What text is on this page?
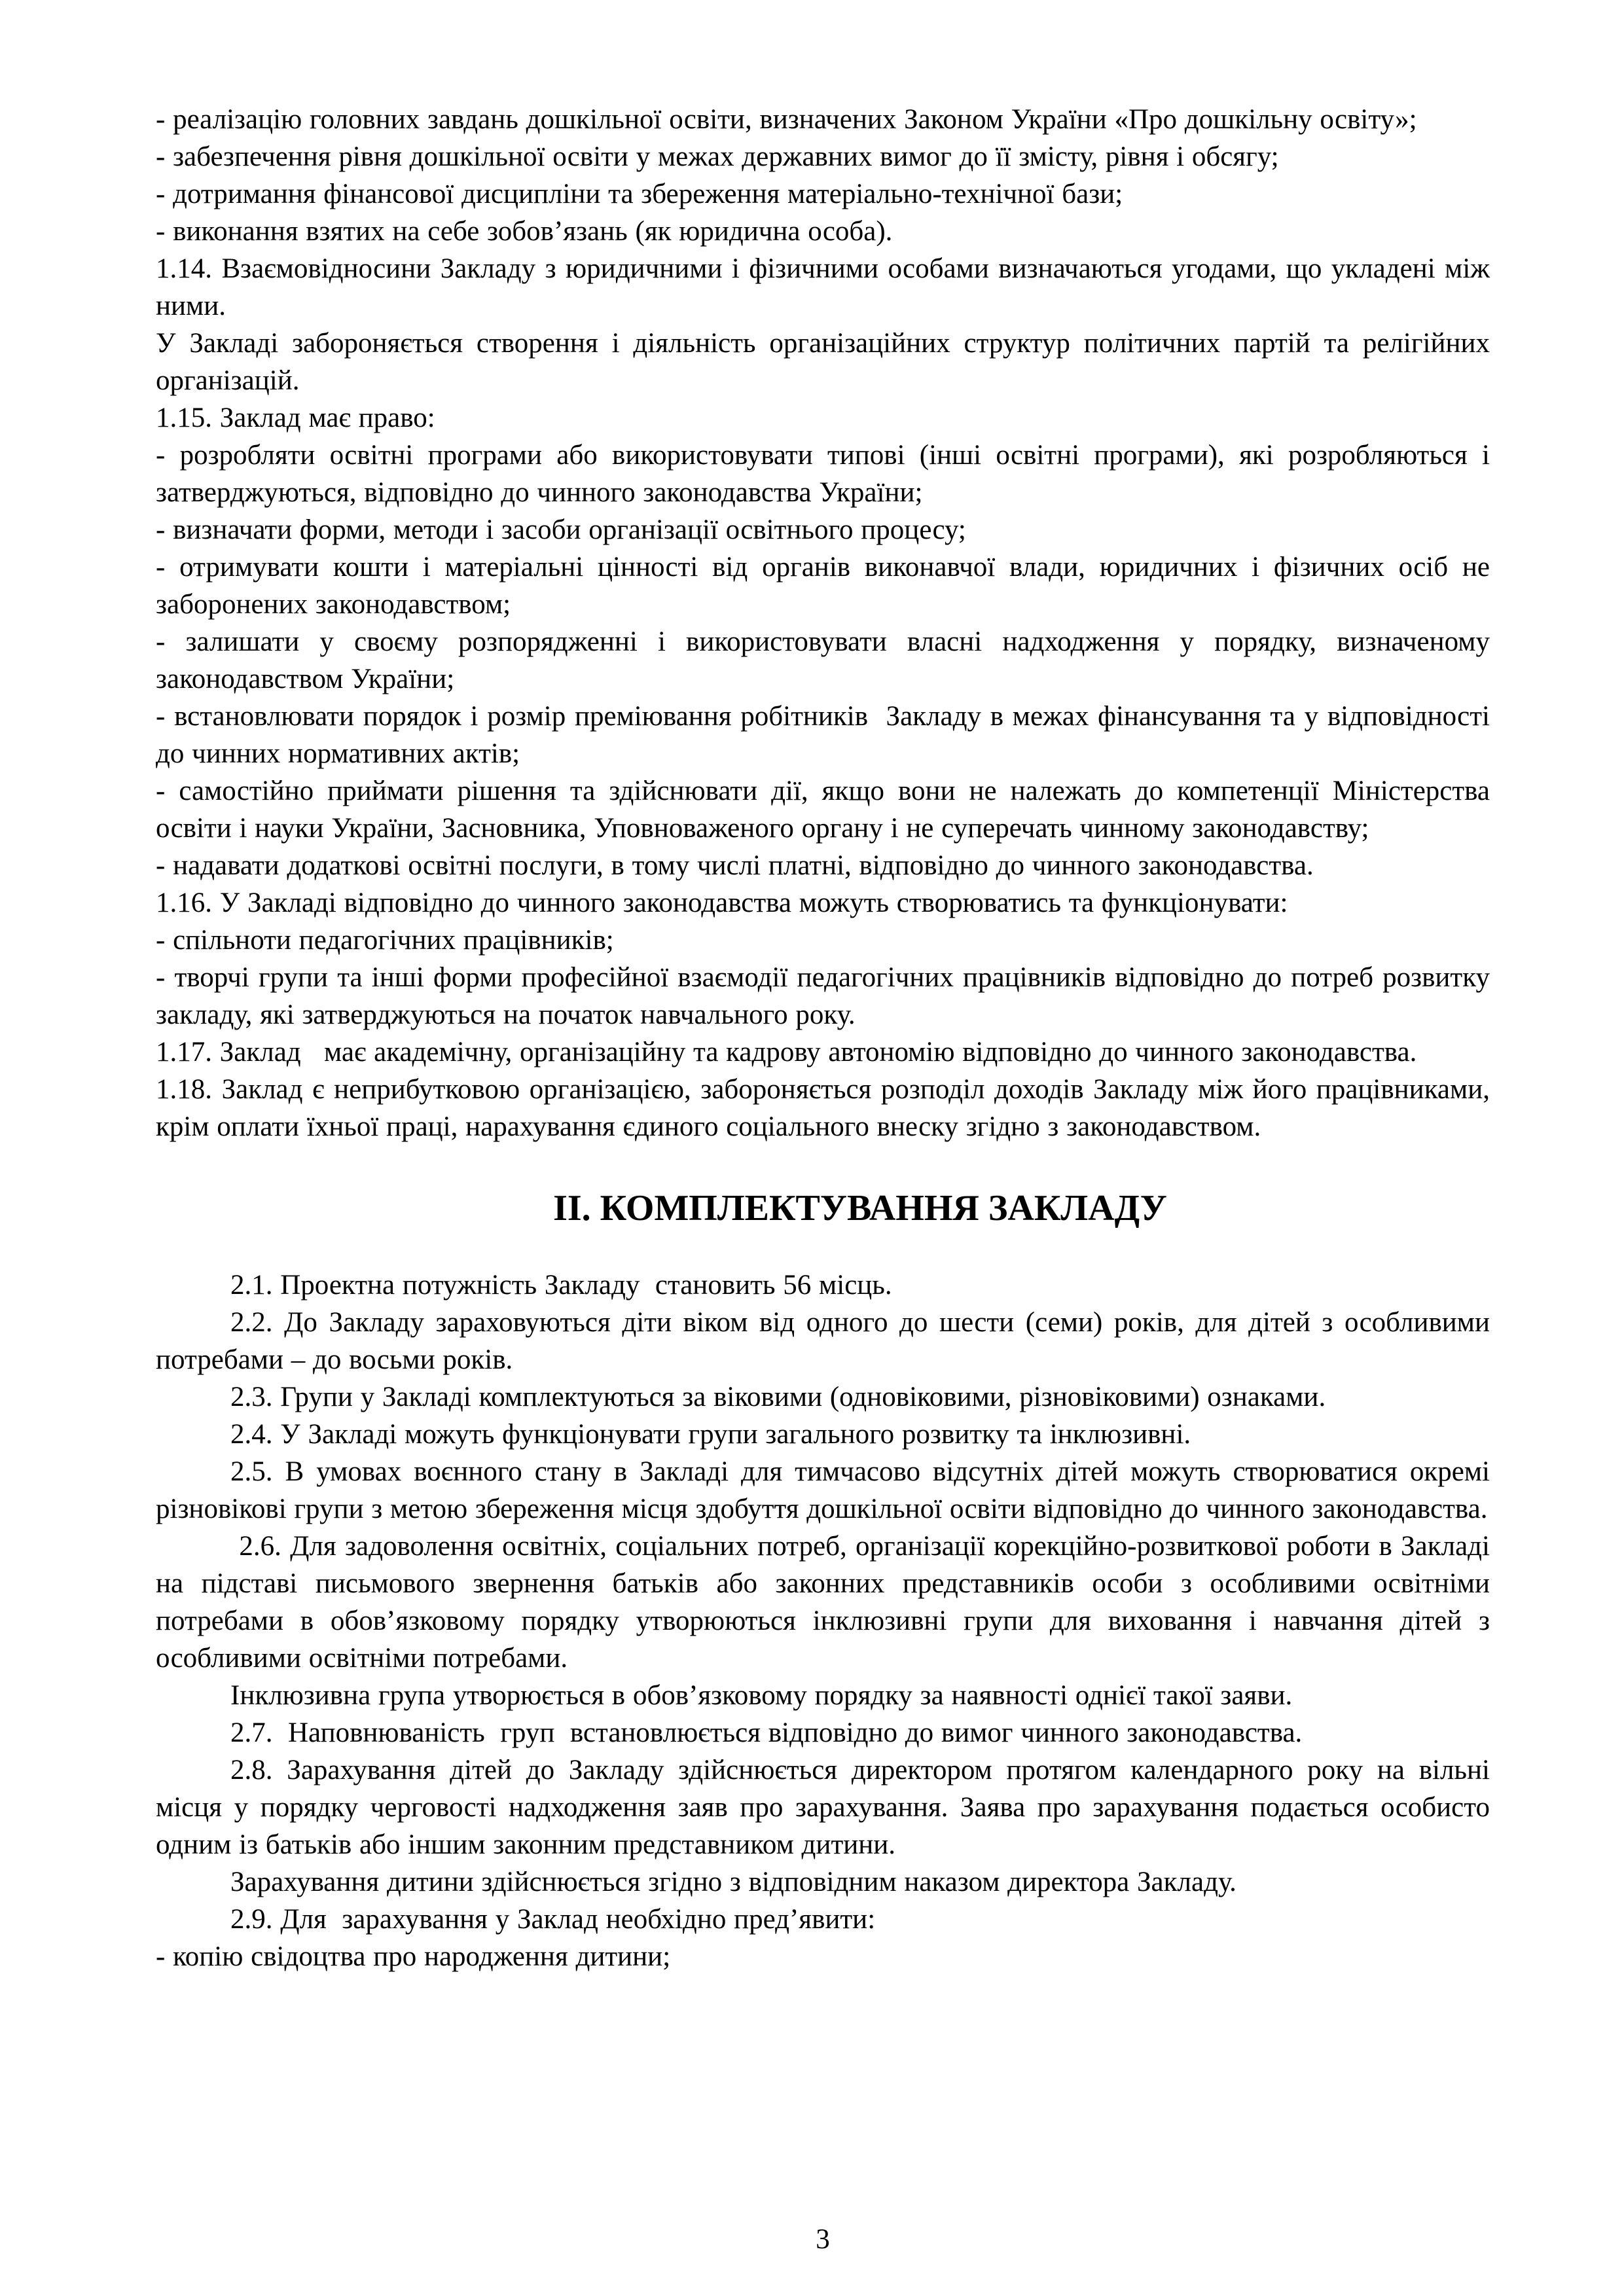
- реалізацію головних завдань дошкільної освіти, визначених Законом України «Про дошкільну освіту»;

- забезпечення рівня дошкільної освіти у межах державних вимог до її змісту, рівня і обсягу;

- дотримання фінансової дисципліни та збереження матеріально-технічної бази;

- виконання взятих на себе зобов’язань (як юридична особа).

1.14. Взаємовідносини Закладу з юридичними і фізичними особами визначаються угодами, що укладені між ними.

У Закладі забороняється створення і діяльність організаційних структур політичних партій та релігійних організацій.

1.15. Заклад має право:

- розробляти освітні програми або використовувати типові (інші освітні програми), які розробляються і затверджуються, відповідно до чинного законодавства України;

- визначати форми, методи і засоби організації освітнього процесу;

- отримувати кошти і матеріальні цінності від органів виконавчої влади, юридичних і фізичних осіб не заборонених законодавством;

- залишати у своєму розпорядженні і використовувати власні надходження у порядку, визначеному законодавством України;

- встановлювати порядок і розмір преміювання робітників  Закладу в межах фінансування та у відповідності до чинних нормативних актів;

- самостійно приймати рішення та здійснювати дії, якщо вони не належать до компетенції Міністерства освіти і науки України, Засновника, Уповноваженого органу і не суперечать чинному законодавству;

- надавати додаткові освітні послуги, в тому числі платні, відповідно до чинного законодавства.

1.16. У Закладі відповідно до чинного законодавства можуть створюватись та функціонувати:

- спільноти педагогічних працівників;

- творчі групи та інші форми професійної взаємодії педагогічних працівників відповідно до потреб розвитку закладу, які затверджуються на початок навчального року.

1.17. Заклад   має академічну, організаційну та кадрову автономію відповідно до чинного законодавства.

1.18. Заклад є неприбутковою організацією, забороняється розподіл доходів Закладу між його працівниками, крім оплати їхньої праці, нарахування єдиного соціального внеску згідно з законодавством.

ІІ. КОМПЛЕКТУВАННЯ ЗАКЛАДУ

2.1. Проектна потужність Закладу  становить 56 місць.

2.2. До Закладу зараховуються діти віком від одного до шести (семи) років, для дітей з особливими потребами – до восьми років.

2.3. Групи у Закладі комплектуються за віковими (одновіковими, різновіковими) ознаками.

2.4. У Закладі можуть функціонувати групи загального розвитку та інклюзивні.

2.5. В умовах воєнного стану в Закладі для тимчасово відсутніх дітей можуть створюватися окремі різновікові групи з метою збереження місця здобуття дошкільної освіти відповідно до чинного законодавства.

2.6. Для задоволення освітніх, соціальних потреб, організації корекційно-розвиткової роботи в Закладі на підставі письмового звернення батьків або законних представників особи з особливими освітніми потребами в обов’язковому порядку утворюються інклюзивні групи для виховання і навчання дітей з особливими освітніми потребами.

Інклюзивна група утворюється в обов’язковому порядку за наявності однієї такої заяви.

2.7.  Наповнюваність  груп  встановлюється відповідно до вимог чинного законодавства.

2.8. Зарахування дітей до Закладу здійснюється директором протягом календарного року на вільні місця у порядку черговості надходження заяв про зарахування. Заява про зарахування подається особисто одним із батьків або іншим законним представником дитини.

Зарахування дитини здійснюється згідно з відповідним наказом директора Закладу.

2.9. Для  зарахування у Заклад необхідно пред’явити:

- копію свідоцтва про народження дитини;

3
